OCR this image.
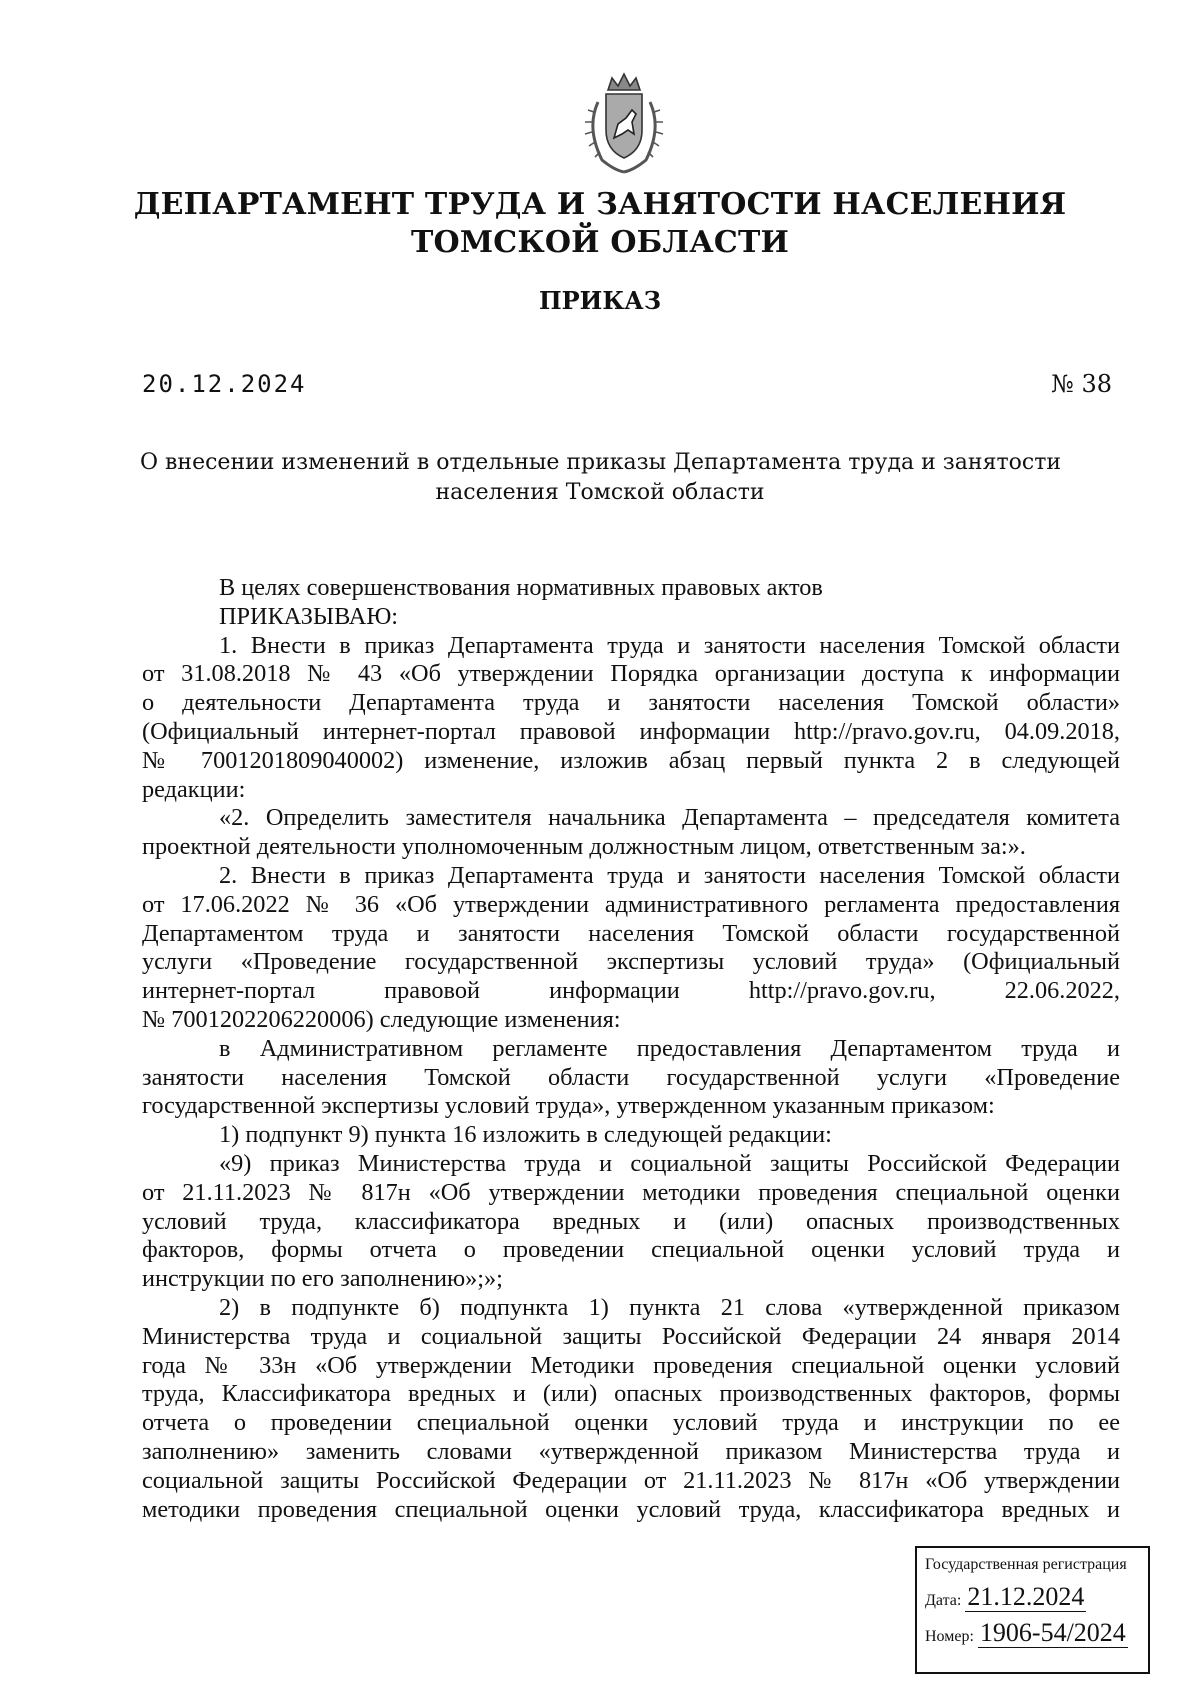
ДЕПАРТАМЕНТ ТРУДА И ЗАНЯТОСТИ НАСЕЛЕНИЯ
ТОМСКОЙ ОБЛАСТИ
ПРИКАЗ
20.12.2024	№ 38
О внесении изменений в отдельные приказы Департамента труда и занятости
населения Томской области
В целях совершенствования нормативных правовых актов
ПРИКАЗЫВАЮ:
1. Внести в приказ Департамента труда и занятости населения Томской области
от 31.08.2018 № 43 «Об утверждении Порядка организации доступа к информации
о деятельности Департамента труда и занятости населения Томской области»
(Официальный интернет-портал правовой информации http://pravo.gov.ru, 04.09.2018,
№ 7001201809040002) изменение, изложив абзац первый пункта 2 в следующей
редакции:
«2. Определить заместителя начальника Департамента – председателя комитета
проектной деятельности уполномоченным должностным лицом, ответственным за:».
2. Внести в приказ Департамента труда и занятости населения Томской области
от 17.06.2022 № 36 «Об утверждении административного регламента предоставления
Департаментом труда и занятости населения Томской области государственной
услуги «Проведение государственной экспертизы условий труда» (Официальный
интернет-портал правовой информации http://pravo.gov.ru, 22.06.2022,
№ 7001202206220006) следующие изменения:
в Административном регламенте предоставления Департаментом труда и
занятости населения Томской области государственной услуги «Проведение
государственной экспертизы условий труда», утвержденном указанным приказом:
1) подпункт 9) пункта 16 изложить в следующей редакции:
«9) приказ Министерства труда и социальной защиты Российской Федерации
от 21.11.2023 № 817н «Об утверждении методики проведения специальной оценки
условий труда, классификатора вредных и (или) опасных производственных
факторов, формы отчета о проведении специальной оценки условий труда и
инструкции по его заполнению»;»;
2) в подпункте б) подпункта 1) пункта 21 слова «утвержденной приказом
Министерства труда и социальной защиты Российской Федерации 24 января 2014
года № 33н «Об утверждении Методики проведения специальной оценки условий
труда, Классификатора вредных и (или) опасных производственных факторов, формы
отчета о проведении специальной оценки условий труда и инструкции по ее
заполнению» заменить словами «утвержденной приказом Министерства труда и
социальной защиты Российской Федерации от 21.11.2023 № 817н «Об утверждении
методики проведения специальной оценки условий труда, классификатора вредных и
Государственная регистрация
Дата: 21.12.2024
Номер: 1906-54/2024
